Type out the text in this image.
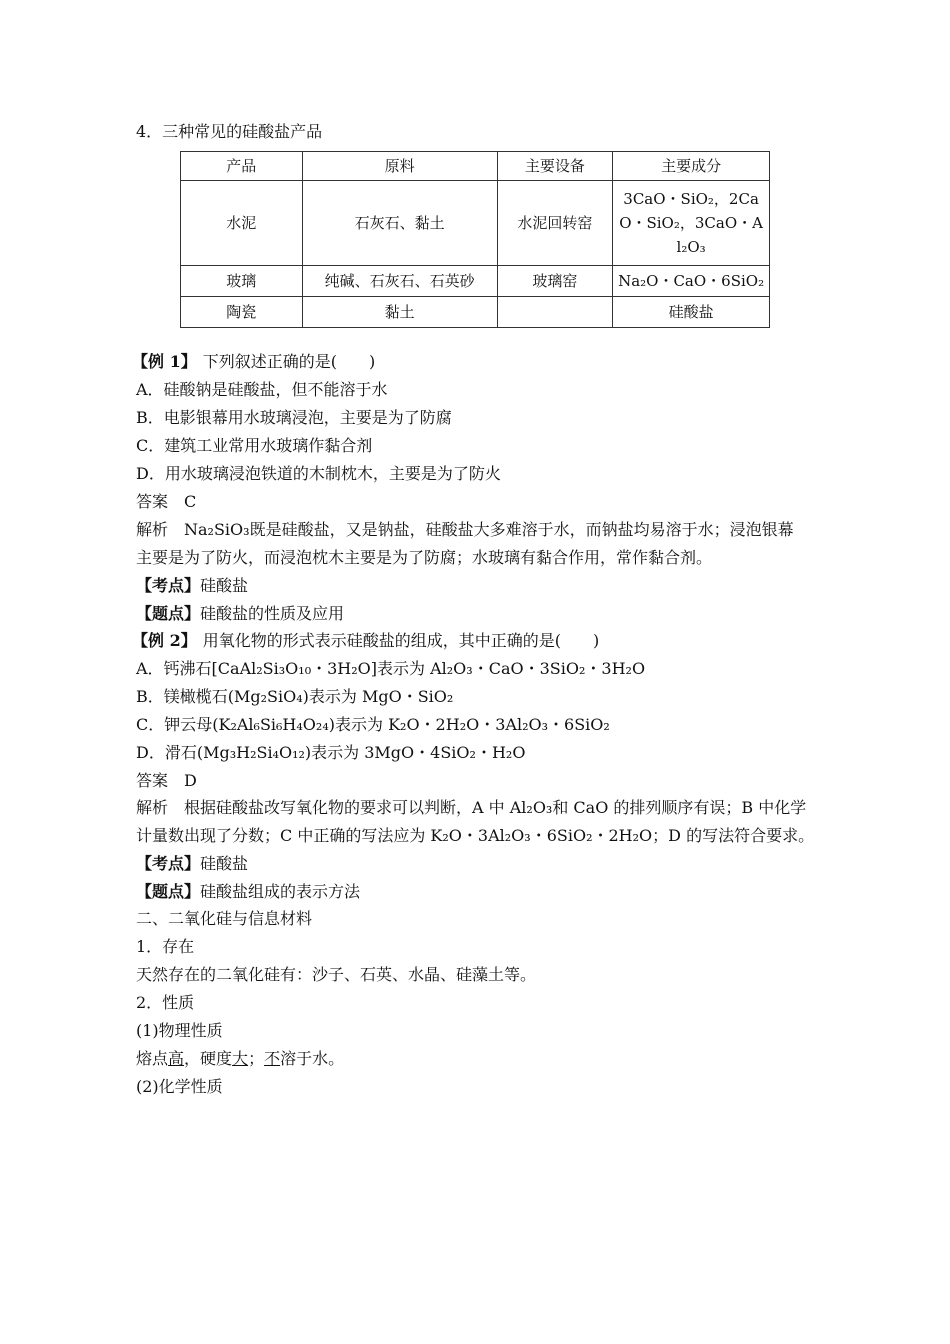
4．三种常见的硅酸盐产品
产品	原料	主要设备	主要成分
水泥	石灰石、黏土	水泥回转窑	3CaO・SiO₂，2CaO・SiO₂，3CaO・Al₂O₃
玻璃	纯碱、石灰石、石英砂	玻璃窑	Na₂O・CaO・6SiO₂
陶瓷	黏土		硅酸盐
【例 1】 下列叙述正确的是(　　)
A．硅酸钠是硅酸盐，但不能溶于水
B．电影银幕用水玻璃浸泡，主要是为了防腐
C．建筑工业常用水玻璃作黏合剂
D．用水玻璃浸泡铁道的木制枕木，主要是为了防火
答案　C
解析　Na₂SiO₃既是硅酸盐，又是钠盐，硅酸盐大多难溶于水，而钠盐均易溶于水；浸泡银幕
主要是为了防火，而浸泡枕木主要是为了防腐；水玻璃有黏合作用，常作黏合剂。
【考点】硅酸盐
【题点】硅酸盐的性质及应用
【例 2】 用氧化物的形式表示硅酸盐的组成，其中正确的是(　　)
A．钙沸石[CaAl₂Si₃O₁₀・3H₂O]表示为 Al₂O₃・CaO・3SiO₂・3H₂O
B．镁橄榄石(Mg₂SiO₄)表示为 MgO・SiO₂
C．钾云母(K₂Al₆Si₆H₄O₂₄)表示为 K₂O・2H₂O・3Al₂O₃・6SiO₂
D．滑石(Mg₃H₂Si₄O₁₂)表示为 3MgO・4SiO₂・H₂O
答案　D
解析　根据硅酸盐改写氧化物的要求可以判断，A 中 Al₂O₃和 CaO 的排列顺序有误；B 中化学
计量数出现了分数；C 中正确的写法应为 K₂O・3Al₂O₃・6SiO₂・2H₂O；D 的写法符合要求。
【考点】硅酸盐
【题点】硅酸盐组成的表示方法
二、二氧化硅与信息材料
1．存在
天然存在的二氧化硅有：沙子、石英、水晶、硅藻土等。
2．性质
(1)物理性质
熔点高，硬度大；不溶于水。
(2)化学性质
